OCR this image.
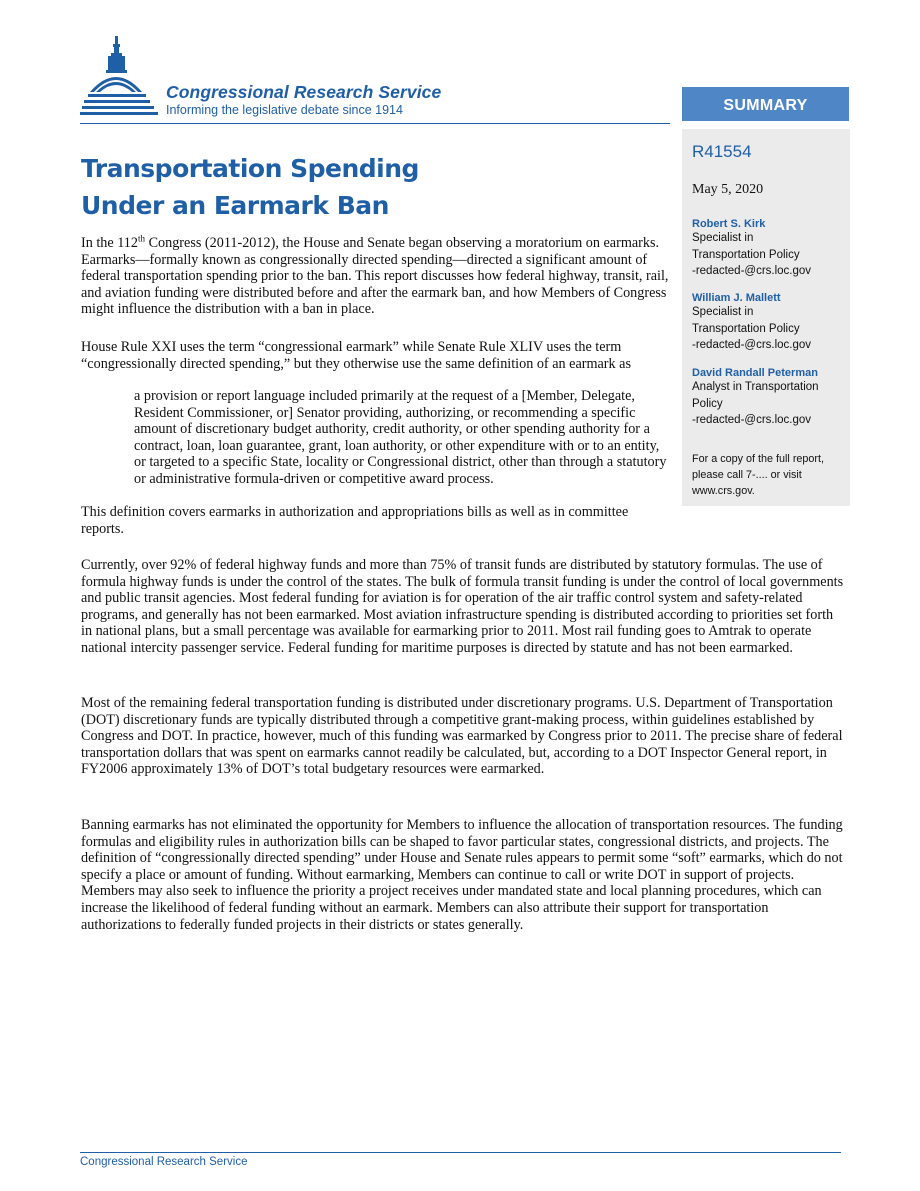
Congressional Research Service
Informing the legislative debate since 1914	SUMMARY
R41554
May 5, 2020
Robert S. Kirk
Specialist in
Transportation Policy
-redacted-@crs.loc.gov
William J. Mallett
Specialist in
Transportation Policy
-redacted-@crs.loc.gov
David Randall Peterman
Analyst in Transportation
Policy
-redacted-@crs.loc.gov
For a copy of the full report, please call 7-.... or visit www.crs.gov.
Transportation Spending
Under an Earmark Ban
In the 112th Congress (2011-2012), the House and Senate began observing a moratorium on earmarks. Earmarks—formally known as congressionally directed spending—directed a significant amount of federal transportation spending prior to the ban. This report discusses how federal highway, transit, rail, and aviation funding were distributed before and after the earmark ban, and how Members of Congress might influence the distribution with a ban in place.
House Rule XXI uses the term “congressional earmark” while Senate Rule XLIV uses the term “congressionally directed spending,” but they otherwise use the same definition of an earmark as
a provision or report language included primarily at the request of a [Member, Delegate, Resident Commissioner, or] Senator providing, authorizing, or recommending a specific amount of discretionary budget authority, credit authority, or other spending authority for a contract, loan, loan guarantee, grant, loan authority, or other expenditure with or to an entity, or targeted to a specific State, locality or Congressional district, other than through a statutory or administrative formula-driven or competitive award process.
This definition covers earmarks in authorization and appropriations bills as well as in committee reports.
Currently, over 92% of federal highway funds and more than 75% of transit funds are distributed by statutory formulas. The use of formula highway funds is under the control of the states. The bulk of formula transit funding is under the control of local governments and public transit agencies. Most federal funding for aviation is for operation of the air traffic control system and safety-related programs, and generally has not been earmarked. Most aviation infrastructure spending is distributed according to priorities set forth in national plans, but a small percentage was available for earmarking prior to 2011. Most rail funding goes to Amtrak to operate national intercity passenger service. Federal funding for maritime purposes is directed by statute and has not been earmarked.
Most of the remaining federal transportation funding is distributed under discretionary programs. U.S. Department of Transportation (DOT) discretionary funds are typically distributed through a competitive grant-making process, within guidelines established by Congress and DOT. In practice, however, much of this funding was earmarked by Congress prior to 2011. The precise share of federal transportation dollars that was spent on earmarks cannot readily be calculated, but, according to a DOT Inspector General report, in FY2006 approximately 13% of DOT’s total budgetary resources were earmarked.
Banning earmarks has not eliminated the opportunity for Members to influence the allocation of transportation resources. The funding formulas and eligibility rules in authorization bills can be shaped to favor particular states, congressional districts, and projects. The definition of “congressionally directed spending” under House and Senate rules appears to permit some “soft” earmarks, which do not specify a place or amount of funding. Without earmarking, Members can continue to call or write DOT in support of projects. Members may also seek to influence the priority a project receives under mandated state and local planning procedures, which can increase the likelihood of federal funding without an earmark. Members can also attribute their support for transportation authorizations to federally funded projects in their districts or states generally.
Congressional Research Service
